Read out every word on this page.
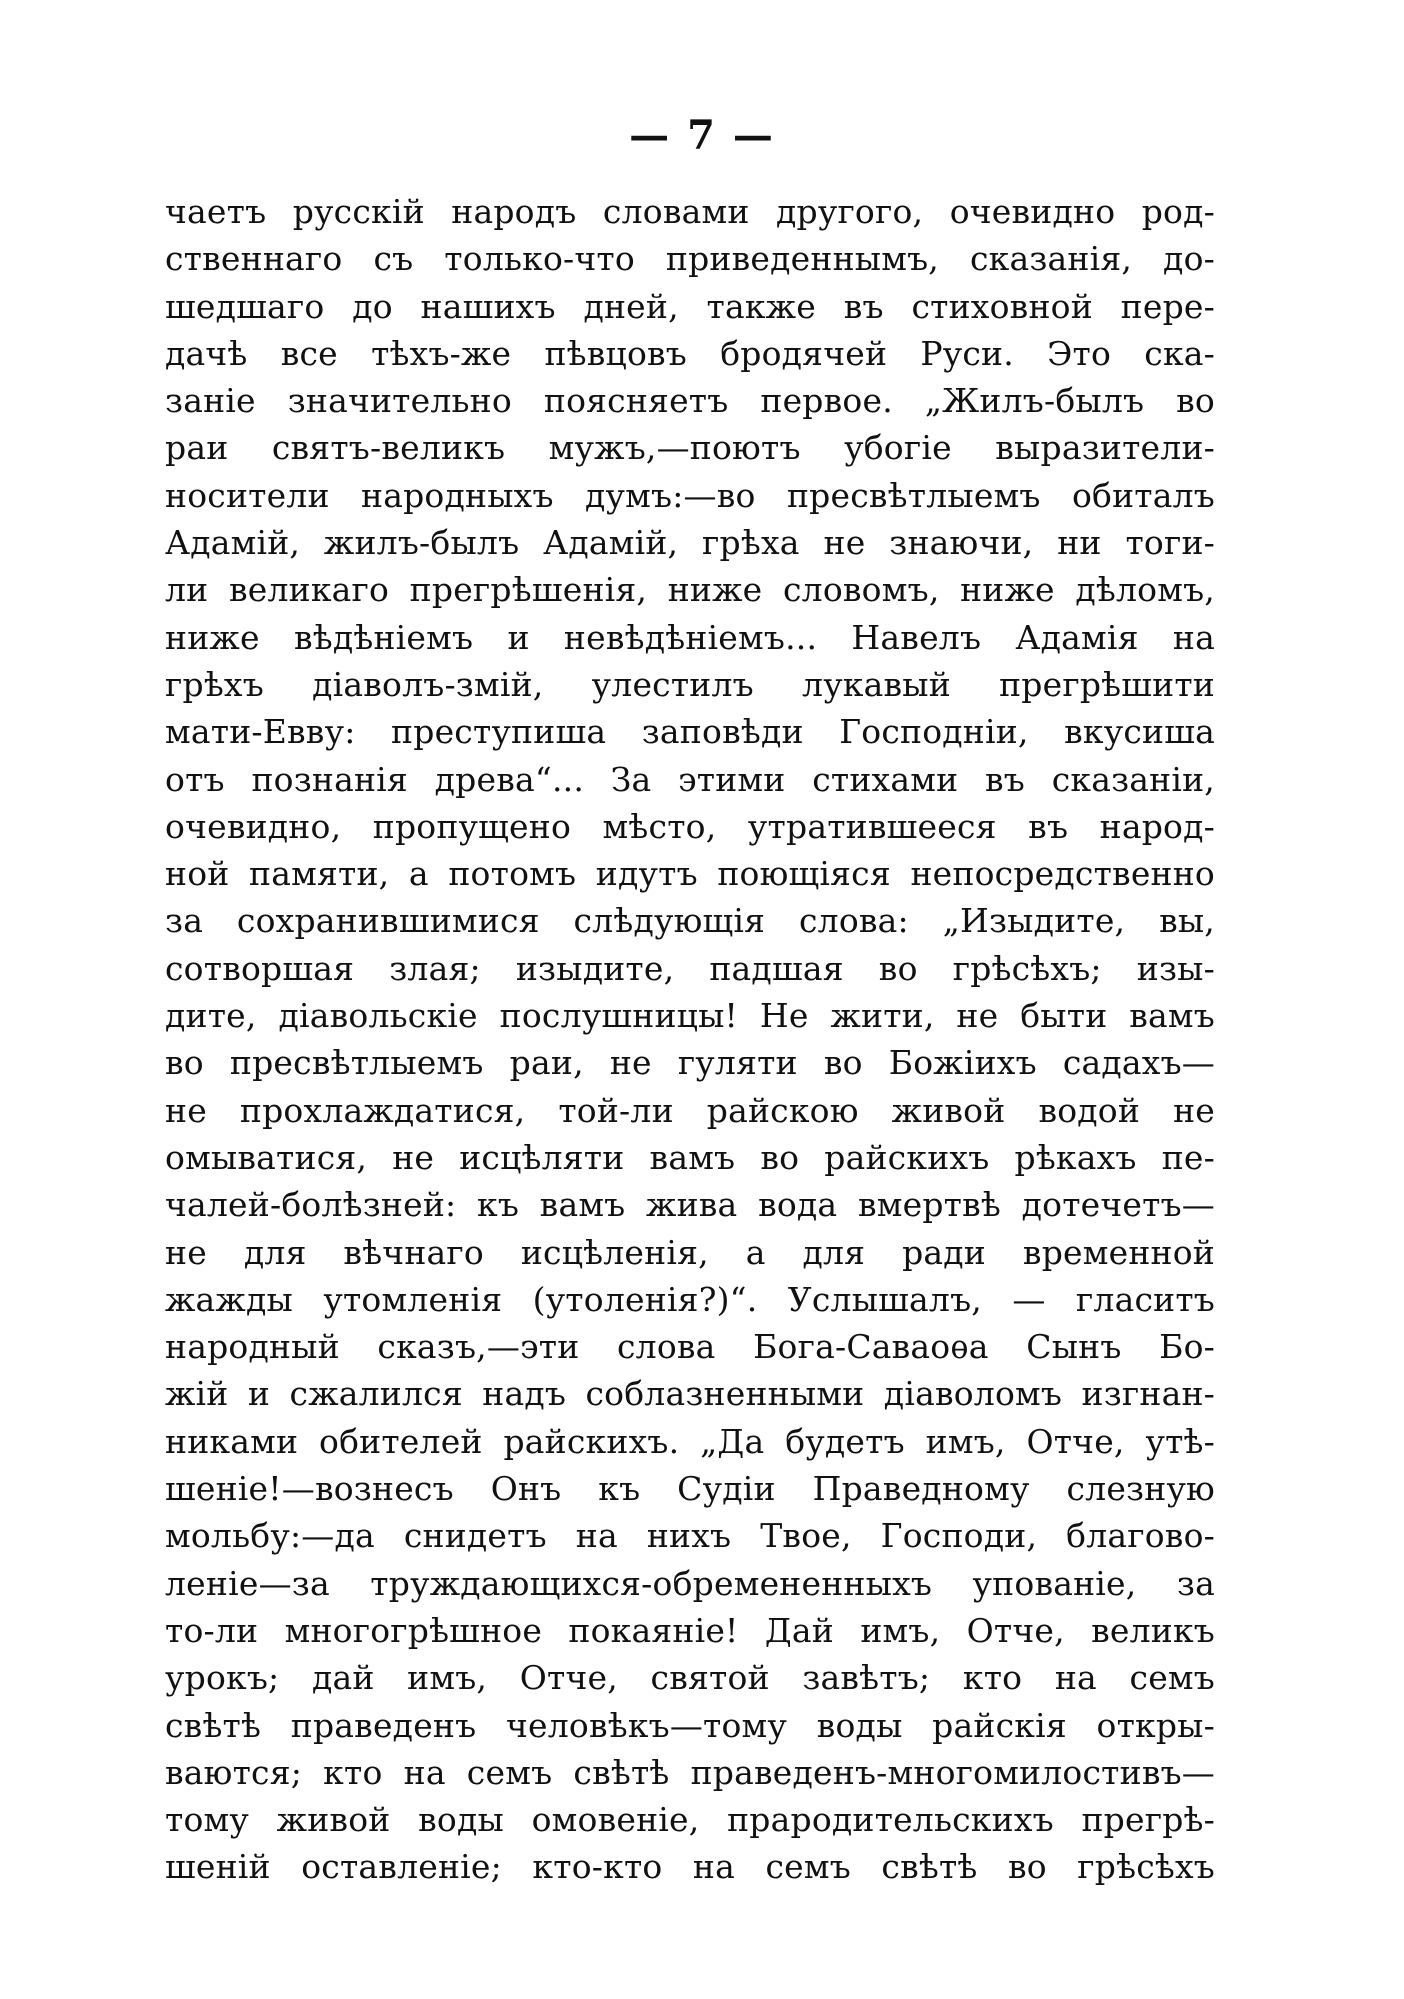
— 7 —
чаетъ русскій народъ словами другого, очевидно род-
ственнаго съ только-что приведеннымъ, сказанія, до-
шедшаго до нашихъ дней, также въ стиховной пере-
дачѣ все тѣхъ-же пѣвцовъ бродячей Руси. Это ска-
заніе значительно поясняетъ первое. „Жилъ-былъ во
раи святъ-великъ мужъ,—поютъ убогіе выразители-
носители народныхъ думъ:—во пресвѣтлыемъ обиталъ
Адамій, жилъ-былъ Адамій, грѣха не знаючи, ни тоги-
ли великаго прегрѣшенія, ниже словомъ, ниже дѣломъ,
ниже вѣдѣніемъ и невѣдѣніемъ... Навелъ Адамія на
грѣхъ діаволъ-змій, улестилъ лукавый прегрѣшити
мати-Евву: преступиша заповѣди Господніи, вкусиша
отъ познанія древа“... За этими стихами въ сказаніи,
очевидно, пропущено мѣсто, утратившееся въ народ-
ной памяти, а потомъ идутъ поющіяся непосредственно
за сохранившимися слѣдующія слова: „Изыдите, вы,
сотворшая злая; изыдите, падшая во грѣсѣхъ; изы-
дите, діавольскіе послушницы! Не жити, не быти вамъ
во пресвѣтлыемъ раи, не гуляти во Божіихъ садахъ—
не прохлаждатися, той-ли райскою живой водой не
омыватися, не исцѣляти вамъ во райскихъ рѣкахъ пе-
чалей-болѣзней: къ вамъ жива вода вмертвѣ дотечетъ—
не для вѣчнаго исцѣленія, а для ради временной
жажды утомленія (утоленія?)“. Услышалъ, — гласитъ
народный сказъ,—эти слова Бога-Саваоѳа Сынъ Бо-
жій и сжалился надъ соблазненными діаволомъ изгнан-
никами обителей райскихъ. „Да будетъ имъ, Отче, утѣ-
шеніе!—вознесъ Онъ къ Судіи Праведному слезную
мольбу:—да снидетъ на нихъ Твое, Господи, благово-
леніе—за труждающихся-обремененныхъ упованіе, за
то-ли многогрѣшное покаяніе! Дай имъ, Отче, великъ
урокъ; дай имъ, Отче, святой завѣтъ; кто на семъ
свѣтѣ праведенъ человѣкъ—тому воды райскія откры-
ваются; кто на семъ свѣтѣ праведенъ-многомилостивъ—
тому живой воды омовеніе, прародительскихъ прегрѣ-
шеній оставленіе; кто-кто на семъ свѣтѣ во грѣсѣхъ
